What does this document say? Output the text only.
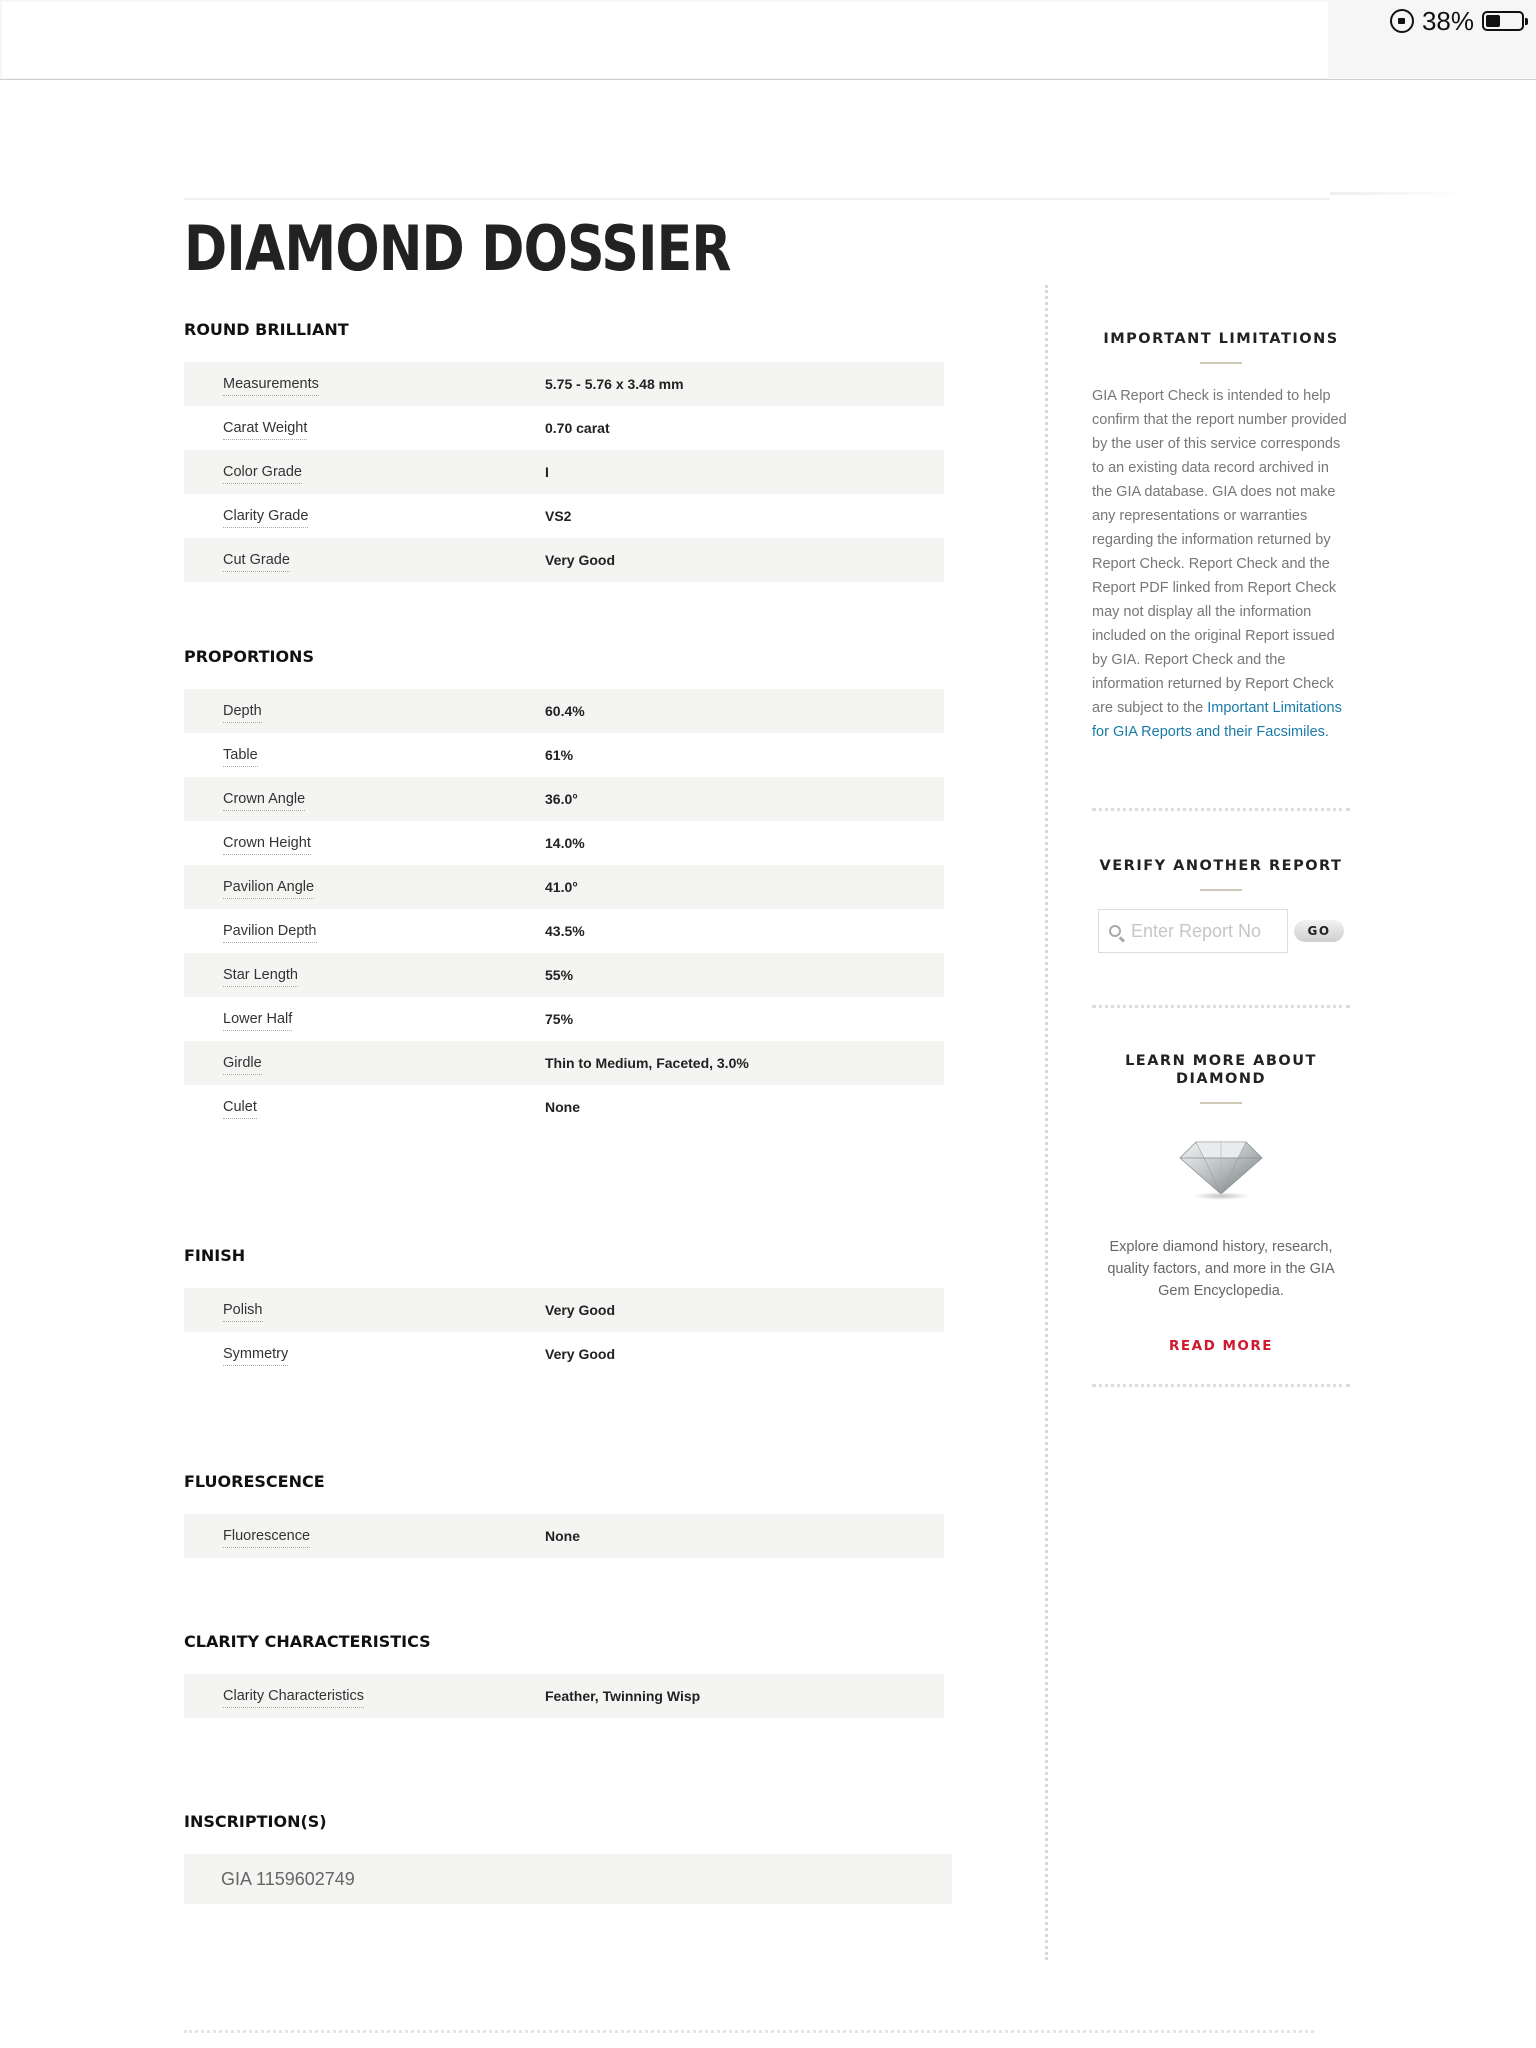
38%
DIAMOND DOSSIER
ROUND BRILLIANT
Measurements	5.75 - 5.76 x 3.48 mm
Carat Weight	0.70 carat
Color Grade	I
Clarity Grade	VS2
Cut Grade	Very Good
PROPORTIONS
Depth	60.4%
Table	61%
Crown Angle	36.0°
Crown Height	14.0%
Pavilion Angle	41.0°
Pavilion Depth	43.5%
Star Length	55%
Lower Half	75%
Girdle	Thin to Medium, Faceted, 3.0%
Culet	None
FINISH
Polish	Very Good
Symmetry	Very Good
FLUORESCENCE
Fluorescence	None
CLARITY CHARACTERISTICS
Clarity Characteristics	Feather, Twinning Wisp
INSCRIPTION(S)
GIA 1159602749
IMPORTANT LIMITATIONS
GIA Report Check is intended to help confirm that the report number provided by the user of this service corresponds to an existing data record archived in the GIA database. GIA does not make any representations or warranties regarding the information returned by Report Check. Report Check and the Report PDF linked from Report Check may not display all the information included on the original Report issued by GIA. Report Check and the information returned by Report Check are subject to the Important Limitations for GIA Reports and their Facsimiles.
VERIFY ANOTHER REPORT
Enter Report No
GO
LEARN MORE ABOUT DIAMOND
Explore diamond history, research, quality factors, and more in the GIA Gem Encyclopedia.
READ MORE
